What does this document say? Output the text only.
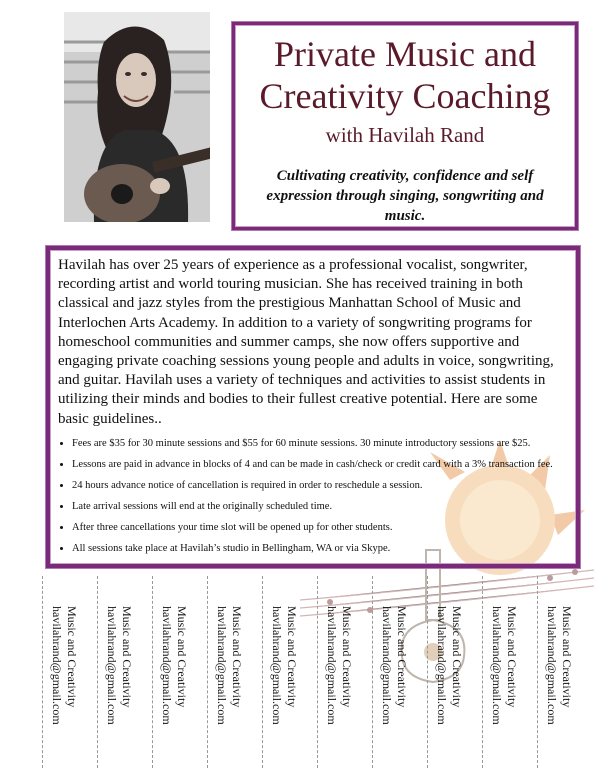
Private Music and Creativity Coaching
with Havilah Rand
Cultivating creativity, confidence and self expression through singing, songwriting and music.

Havilah has over 25 years of experience as a professional vocalist, songwriter, recording artist and world touring musician. She has received training in both classical and jazz styles from the prestigious Manhattan School of Music and Interlochen Arts Academy. In addition to a variety of songwriting programs for homeschool communities and summer camps, she now offers supportive and engaging private coaching sessions young people and adults in voice, songwriting, and guitar. Havilah uses a variety of techniques and activities to assist students in utilizing their minds and bodies to their fullest creative potential. Here are some basic guidelines..

• Fees are $35 for 30 minute sessions and $55 for 60 minute sessions. 30 minute introductory sessions are $25.
• Lessons are paid in advance in blocks of 4 and can be made in cash/check or credit card with a 3% transaction fee.
• 24 hours advance notice of cancellation is required in order to reschedule a session.
• Late arrival sessions will end at the originally scheduled time.
• After three cancellations your time slot will be opened up for other students.
• All sessions take place at Havilah’s studio in Bellingham, WA or via Skype.
Music and Creativity
havilahrand@gmail.com	Music and Creativity
havilahrand@gmail.com	Music and Creativity
havilahrand@gmail.com	Music and Creativity
havilahrand@gmail.com	Music and Creativity
havilahrand@gmail.com	Music and Creativity
havilahrand@gmail.com	Music and Creativity
havilahrand@gmail.com	Music and Creativity
havilahrand@gmail.com	Music and Creativity
havilahrand@gmail.com	Music and Creativity
havilahrand@gmail.com
